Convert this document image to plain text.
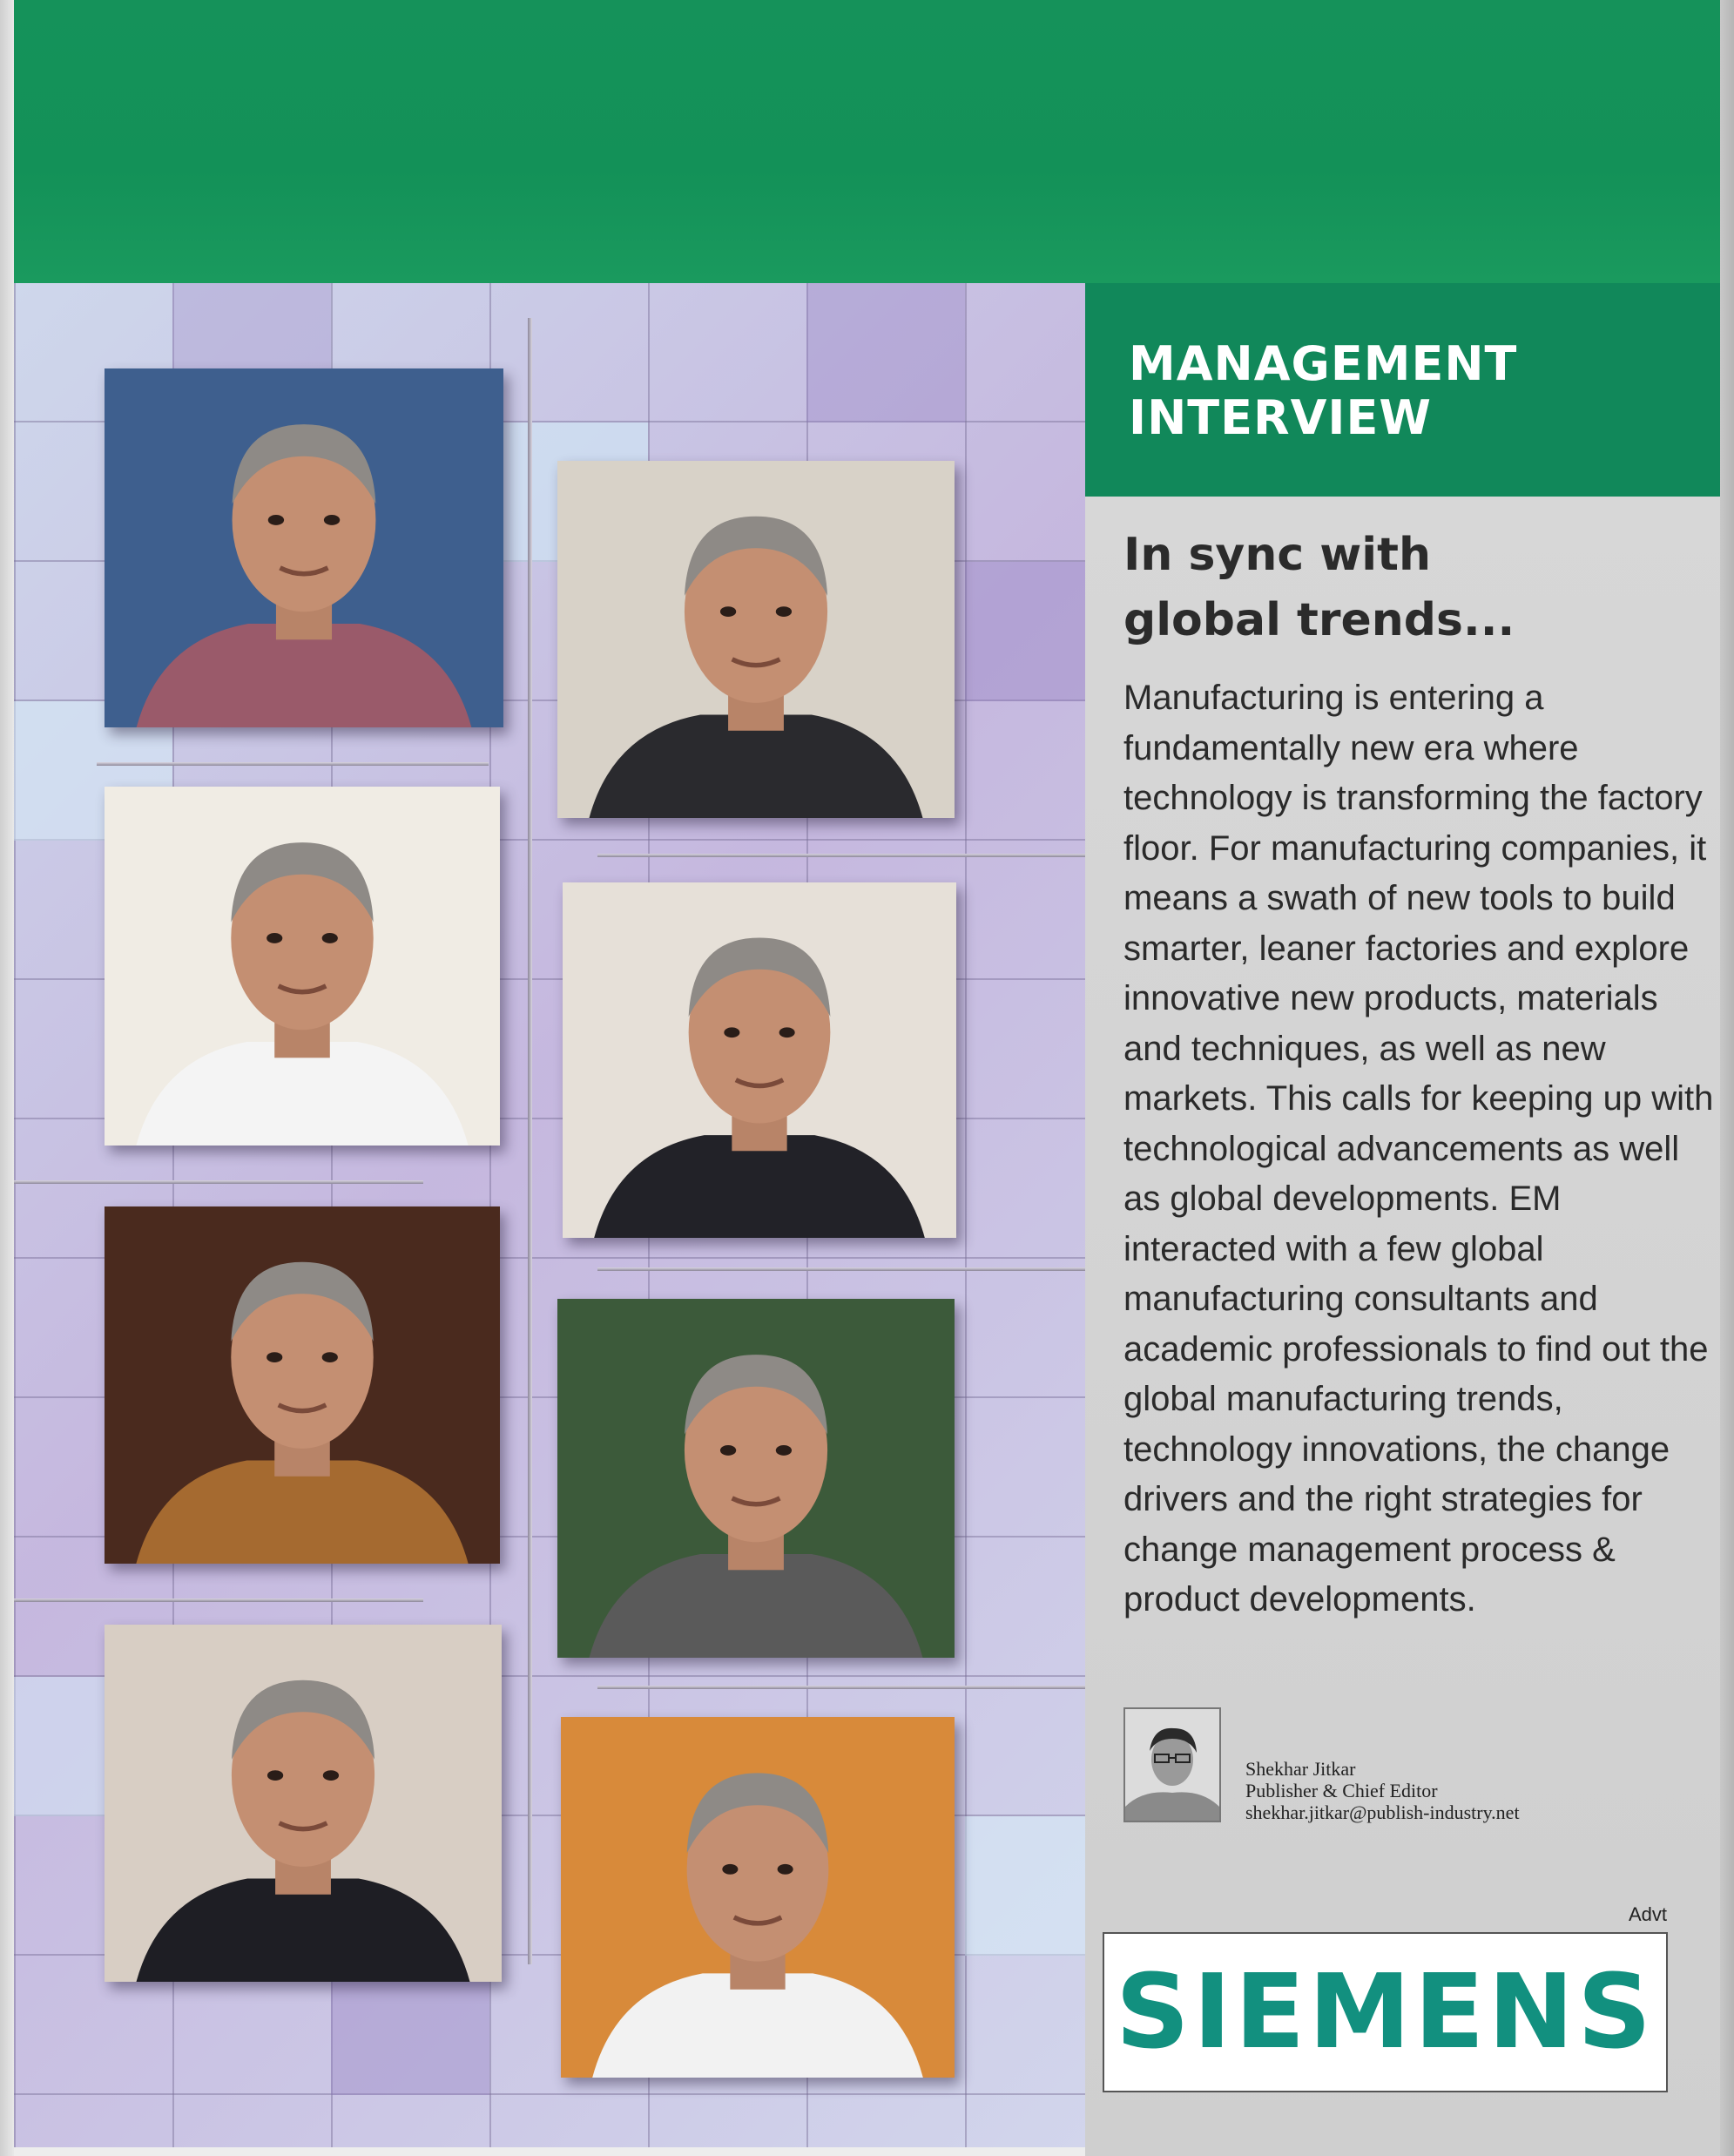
MANAGEMENT
INTERVIEW
In sync with
global trends...

Manufacturing is entering a fundamentally new era where technology is transforming the factory floor. For manufacturing companies, it means a swath of new tools to build smarter, leaner factories and explore innovative new products, materials and techniques, as well as new markets. This calls for keeping up with technological advancements as well as global developments. EM interacted with a few global manufacturing consultants and academic professionals to find out the global manufacturing trends, technology innovations, the change drivers and the right strategies for change management process & product developments.

Shekhar Jitkar
Publisher & Chief Editor
shekhar.jitkar@publish-industry.net
Advt
SIEMENS
